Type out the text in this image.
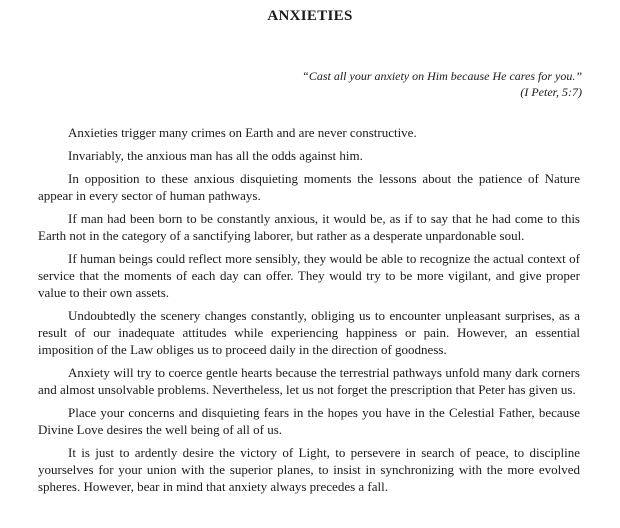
ANXIETIES
“Cast all your anxiety on Him because He cares for you.”
(I Peter, 5:7)

Anxieties trigger many crimes on Earth and are never constructive.

Invariably, the anxious man has all the odds against him.

In opposition to these anxious disquieting moments the lessons about the patience of Nature appear in every sector of human pathways.

If man had been born to be constantly anxious, it would be, as if to say that he had come to this Earth not in the category of a sanctifying laborer, but rather as a desperate unpardonable soul.

If human beings could reflect more sensibly, they would be able to recognize the actual context of service that the moments of each day can offer. They would try to be more vigilant, and give proper value to their own assets.

Undoubtedly the scenery changes constantly, obliging us to encounter unpleasant surprises, as a result of our inadequate attitudes while experiencing happiness or pain. However, an essential imposition of the Law obliges us to proceed daily in the direction of goodness.

Anxiety will try to coerce gentle hearts because the terrestrial pathways unfold many dark corners and almost unsolvable problems. Nevertheless, let us not forget the prescription that Peter has given us.

Place your concerns and disquieting fears in the hopes you have in the Celestial Father, because Divine Love desires the well being of all of us.

It is just to ardently desire the victory of Light, to persevere in search of peace, to discipline yourselves for your union with the superior planes, to insist in synchronizing with the more evolved spheres. However, bear in mind that anxiety always precedes a fall.
